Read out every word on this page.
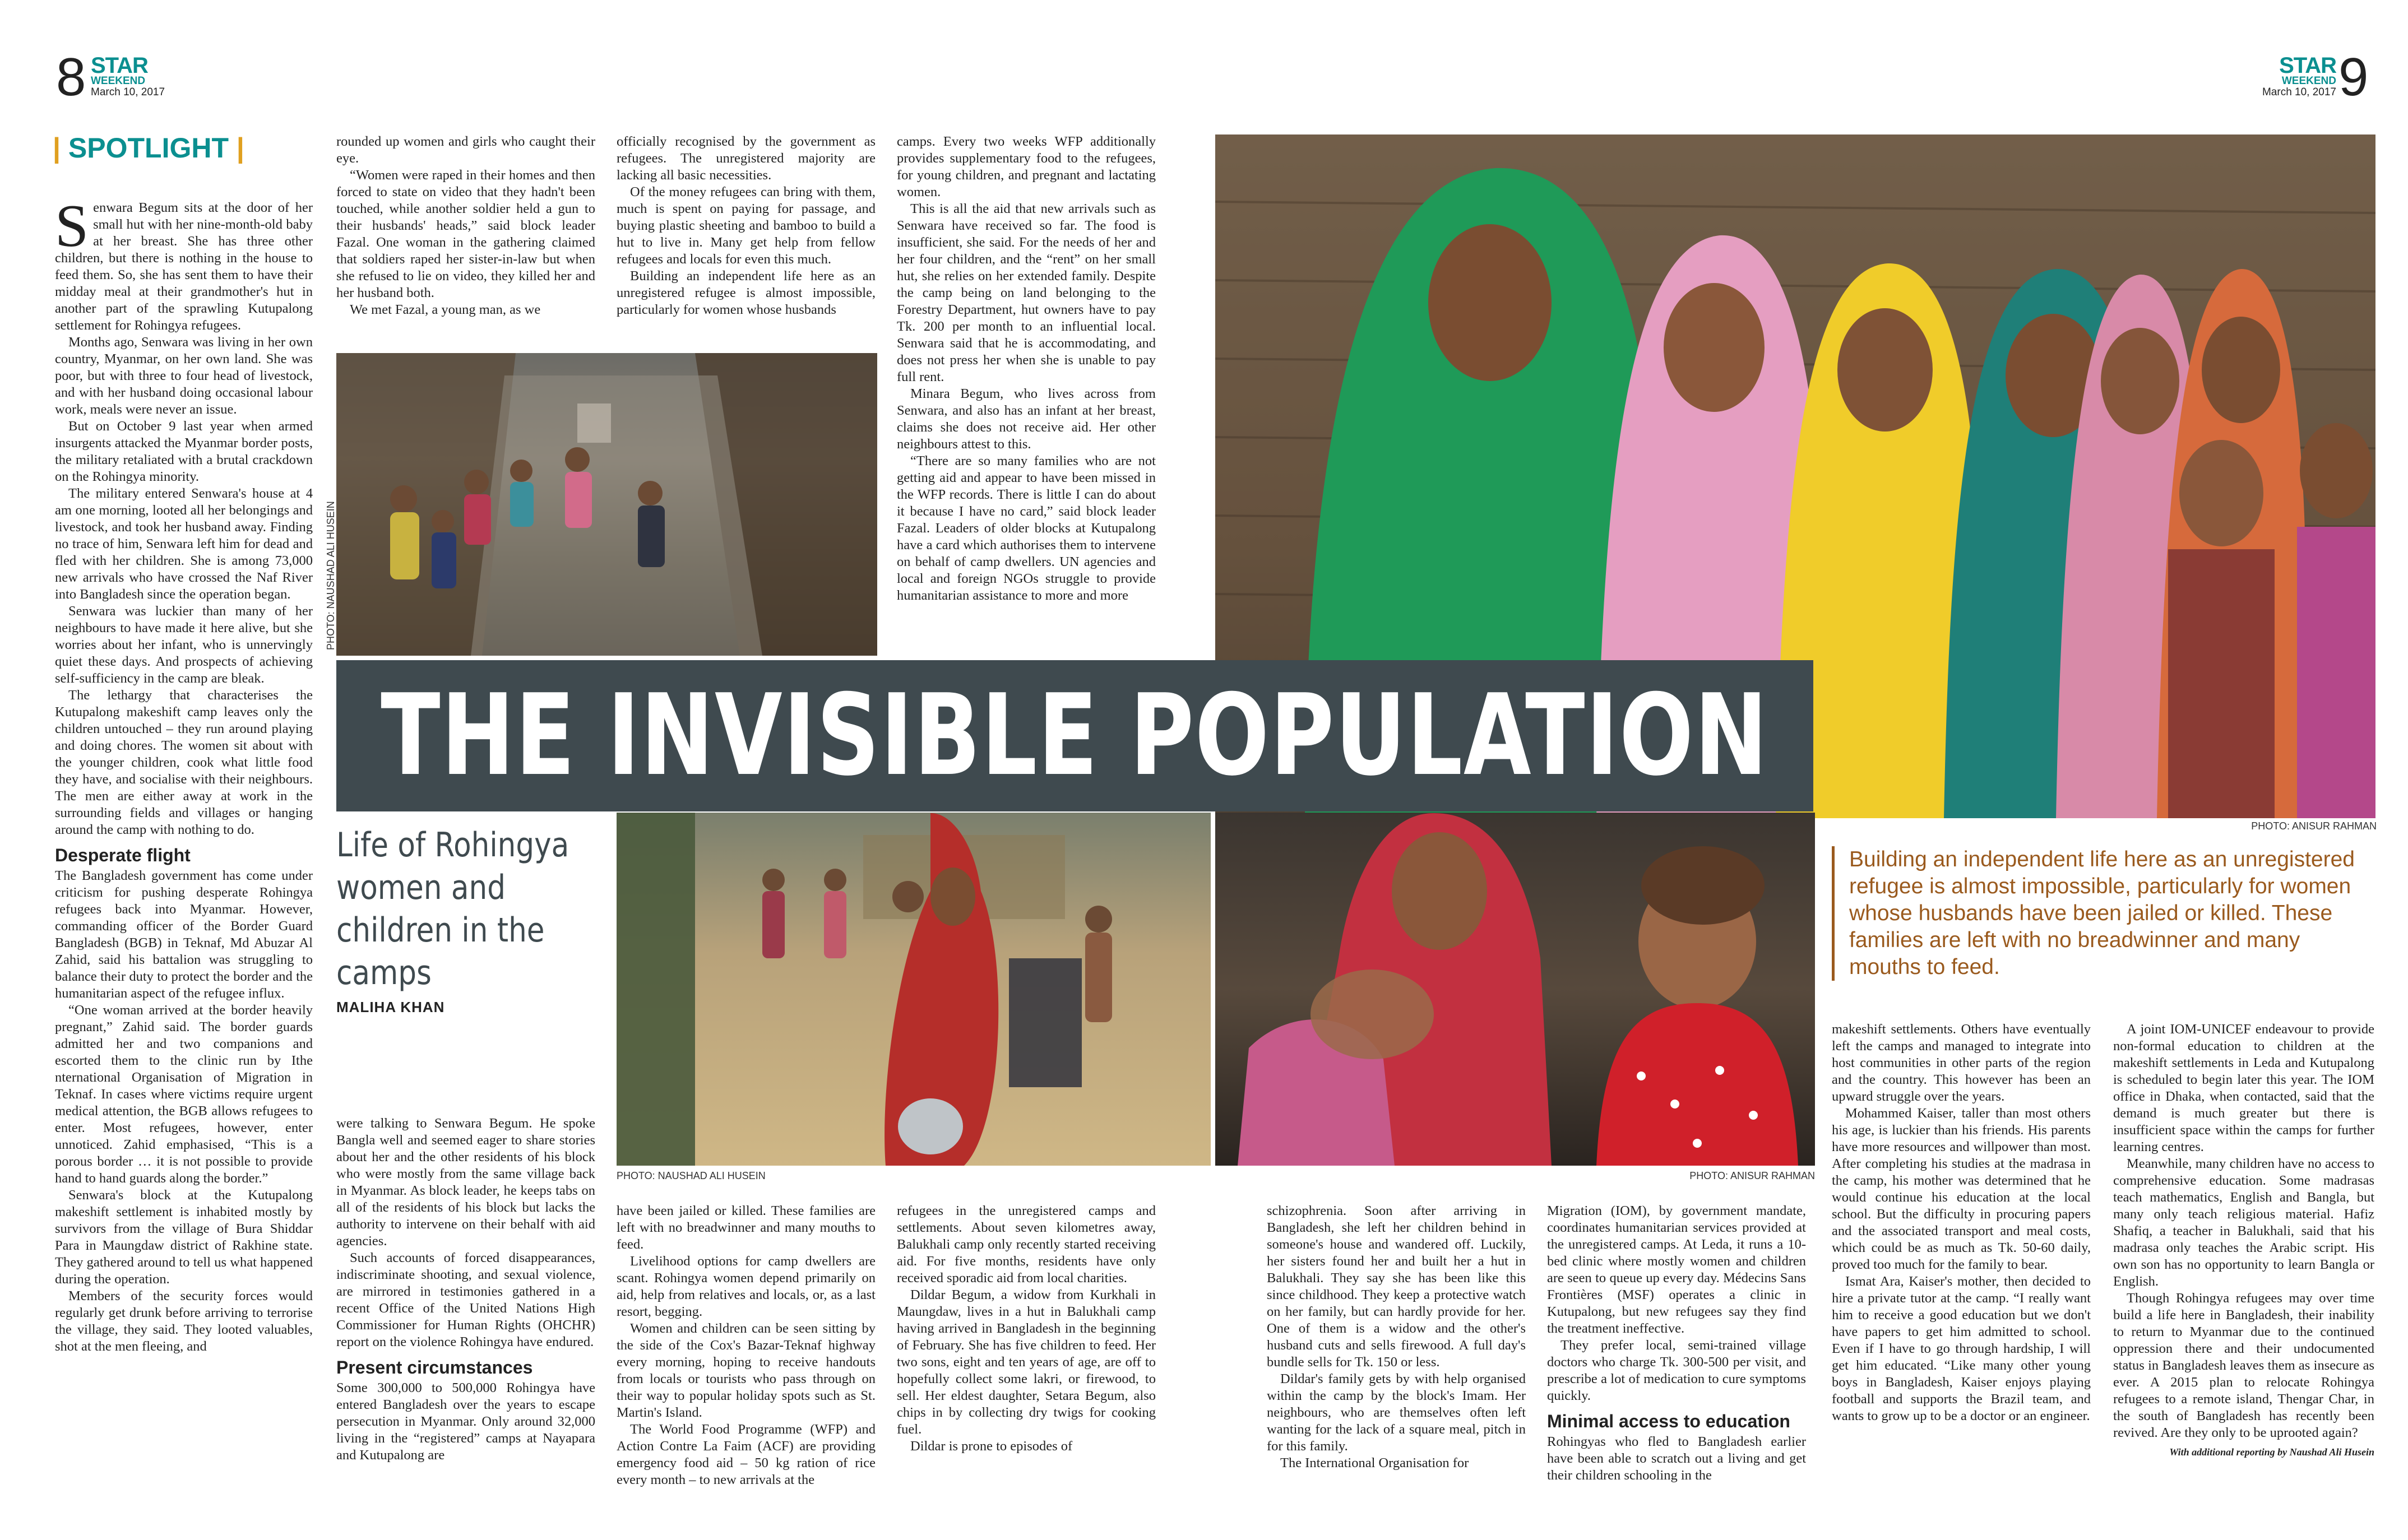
8 STAR
WEEKEND
March 10, 2017
STAR
WEEKEND
March 10, 2017 9
| SPOTLIGHT |

Senwara Begum sits at the door of her small hut with her nine-month-old baby at her breast. She has three other children, but there is nothing in the house to feed them. So, she has sent them to have their midday meal at their grandmother's hut in another part of the sprawling Kutupalong settlement for Rohingya refugees.

Months ago, Senwara was living in her own country, Myanmar, on her own land. She was poor, but with three to four head of livestock, and with her husband doing occasional labour work, meals were never an issue.

But on October 9 last year when armed insurgents attacked the Myanmar border posts, the military retaliated with a brutal crackdown on the Rohingya minority.

The military entered Senwara's house at 4 am one morning, looted all her belongings and livestock, and took her husband away. Finding no trace of him, Senwara left him for dead and fled with her children. She is among 73,000 new arrivals who have crossed the Naf River into Bangladesh since the operation began.

Senwara was luckier than many of her neighbours to have made it here alive, but she worries about her infant, who is unnervingly quiet these days. And prospects of achieving self-sufficiency in the camp are bleak.

The lethargy that characterises the Kutupalong makeshift camp leaves only the children untouched – they run around playing and doing chores. The women sit about with the younger children, cook what little food they have, and socialise with their neighbours. The men are either away at work in the surrounding fields and villages or hanging around the camp with nothing to do.

Desperate flight

The Bangladesh government has come under criticism for pushing desperate Rohingya refugees back into Myanmar. However, commanding officer of the Border Guard Bangladesh (BGB) in Teknaf, Md Abuzar Al Zahid, said his battalion was struggling to balance their duty to protect the border and the humanitarian aspect of the refugee influx.

“One woman arrived at the border heavily pregnant,” Zahid said. The border guards admitted her and two companions and escorted them to the clinic run by Ithe nternational Organisation of Migration in Teknaf. In cases where victims require urgent medical attention, the BGB allows refugees to enter. Most refugees, however, enter unnoticed. Zahid emphasised, “This is a porous border … it is not possible to provide hand to hand guards along the border.”

Senwara's block at the Kutupalong makeshift settlement is inhabited mostly by survivors from the village of Bura Shiddar Para in Maungdaw district of Rakhine state. They gathered around to tell us what happened during the operation.

Members of the security forces would regularly get drunk before arriving to terrorise the village, they said. They looted valuables, shot at the men fleeing, and

rounded up women and girls who caught their eye.

“Women were raped in their homes and then forced to state on video that they hadn't been touched, while another soldier held a gun to their husbands' heads,” said block leader Fazal. One woman in the gathering claimed that soldiers raped her sister-in-law but when she refused to lie on video, they killed her and her husband both.

We met Fazal, a young man, as we

officially recognised by the government as refugees. The unregistered majority are lacking all basic necessities.

Of the money refugees can bring with them, much is spent on paying for passage, and buying plastic sheeting and bamboo to build a hut to live in. Many get help from fellow refugees and locals for even this much.

Building an independent life here as an unregistered refugee is almost impossible, particularly for women whose husbands

camps. Every two weeks WFP additionally provides supplementary food to the refugees, for young children, and pregnant and lactating women.

This is all the aid that new arrivals such as Senwara have received so far. The food is insufficient, she said. For the needs of her and her four children, and the “rent” on her small hut, she relies on her extended family. Despite the camp being on land belonging to the Forestry Department, hut owners have to pay Tk. 200 per month to an influential local. Senwara said that he is accommodating, and does not press her when she is unable to pay full rent.

Minara Begum, who lives across from Senwara, and also has an infant at her breast, claims she does not receive aid. Her other neighbours attest to this.

“There are so many families who are not getting aid and appear to have been missed in the WFP records. There is little I can do about it because I have no card,” said block leader Fazal. Leaders of older blocks at Kutupalong have a card which authorises them to intervene on behalf of camp dwellers. UN agencies and local and foreign NGOs struggle to provide humanitarian assistance to more and more

PHOTO: NAUSHAD ALI HUSEIN
THE INVISIBLE POPULATION
PHOTO: ANISUR RAHMAN
Life of Rohingya women and children in the camps
MALIHA KHAN
PHOTO: NAUSHAD ALI HUSEIN	PHOTO: ANISUR RAHMAN
Building an independent life here as an unregistered refugee is almost impossible, particularly for women whose husbands have been jailed or killed. These families are left with no breadwinner and many mouths to feed.

were talking to Senwara Begum. He spoke Bangla well and seemed eager to share stories about her and the other residents of his block who were mostly from the same village back in Myanmar. As block leader, he keeps tabs on all of the residents of his block but lacks the authority to intervene on their behalf with aid agencies.

Such accounts of forced disappearances, indiscriminate shooting, and sexual violence, are mirrored in testimonies gathered in a recent Office of the United Nations High Commissioner for Human Rights (OHCHR) report on the violence Rohingya have endured.

Present circumstances

Some 300,000 to 500,000 Rohingya have entered Bangladesh over the years to escape persecution in Myanmar. Only around 32,000 living in the “registered” camps at Nayapara and Kutupalong are

have been jailed or killed. These families are left with no breadwinner and many mouths to feed.

Livelihood options for camp dwellers are scant. Rohingya women depend primarily on aid, help from relatives and locals, or, as a last resort, begging.

Women and children can be seen sitting by the side of the Cox's Bazar-Teknaf highway every morning, hoping to receive handouts from locals or tourists who pass through on their way to popular holiday spots such as St. Martin's Island.

The World Food Programme (WFP) and Action Contre La Faim (ACF) are providing emergency food aid – 50 kg ration of rice every month – to new arrivals at the

refugees in the unregistered camps and settlements. About seven kilometres away, Balukhali camp only recently started receiving aid. For five months, residents have only received sporadic aid from local charities.

Dildar Begum, a widow from Kurkhali in Maungdaw, lives in a hut in Balukhali camp having arrived in Bangladesh in the beginning of February. She has five children to feed. Her two sons, eight and ten years of age, are off to hopefully collect some lakri, or firewood, to sell. Her eldest daughter, Setara Begum, also chips in by collecting dry twigs for cooking fuel.

Dildar is prone to episodes of

schizophrenia. Soon after arriving in Bangladesh, she left her children behind in someone's house and wandered off. Luckily, her sisters found her and built her a hut in Balukhali. They say she has been like this since childhood. They keep a protective watch on her family, but can hardly provide for her. One of them is a widow and the other's husband cuts and sells firewood. A full day's bundle sells for Tk. 150 or less.

Dildar's family gets by with help organised within the camp by the block's Imam. Her neighbours, who are themselves often left wanting for the lack of a square meal, pitch in for this family.

The International Organisation for

Migration (IOM), by government mandate, coordinates humanitarian services provided at the unregistered camps. At Leda, it runs a 10-bed clinic where mostly women and children are seen to queue up every day. Médecins Sans Frontières (MSF) operates a clinic in Kutupalong, but new refugees say they find the treatment ineffective.

They prefer local, semi-trained village doctors who charge Tk. 300-500 per visit, and prescribe a lot of medication to cure symptoms quickly.

Minimal access to education

Rohingyas who fled to Bangladesh earlier have been able to scratch out a living and get their children schooling in the

makeshift settlements. Others have eventually left the camps and managed to integrate into host communities in other parts of the region and the country. This however has been an upward struggle over the years.

Mohammed Kaiser, taller than most others his age, is luckier than his friends. His parents have more resources and willpower than most. After completing his studies at the madrasa in the camp, his mother was determined that he would continue his education at the local school. But the difficulty in procuring papers and the associated transport and meal costs, which could be as much as Tk. 50-60 daily, proved too much for the family to bear.

Ismat Ara, Kaiser's mother, then decided to hire a private tutor at the camp. “I really want him to receive a good education but we don't have papers to get him admitted to school. Even if I have to go through hardship, I will get him educated. “Like many other young boys in Bangladesh, Kaiser enjoys playing football and supports the Brazil team, and wants to grow up to be a doctor or an engineer.

A joint IOM-UNICEF endeavour to provide non-formal education to children at the makeshift settlements in Leda and Kutupalong is scheduled to begin later this year. The IOM office in Dhaka, when contacted, said that the demand is much greater but there is insufficient space within the camps for further learning centres.

Meanwhile, many children have no access to comprehensive education. Some madrasas teach mathematics, English and Bangla, but many only teach religious material. Hafiz Shafiq, a teacher in Balukhali, said that his madrasa only teaches the Arabic script. His own son has no opportunity to learn Bangla or English.

Though Rohingya refugees may over time build a life here in Bangladesh, their inability to return to Myanmar due to the continued oppression there and their undocumented status in Bangladesh leaves them as insecure as ever. A 2015 plan to relocate Rohingya refugees to a remote island, Thengar Char, in the south of Bangladesh has recently been revived. Are they only to be uprooted again?

With additional reporting by Naushad Ali Husein
